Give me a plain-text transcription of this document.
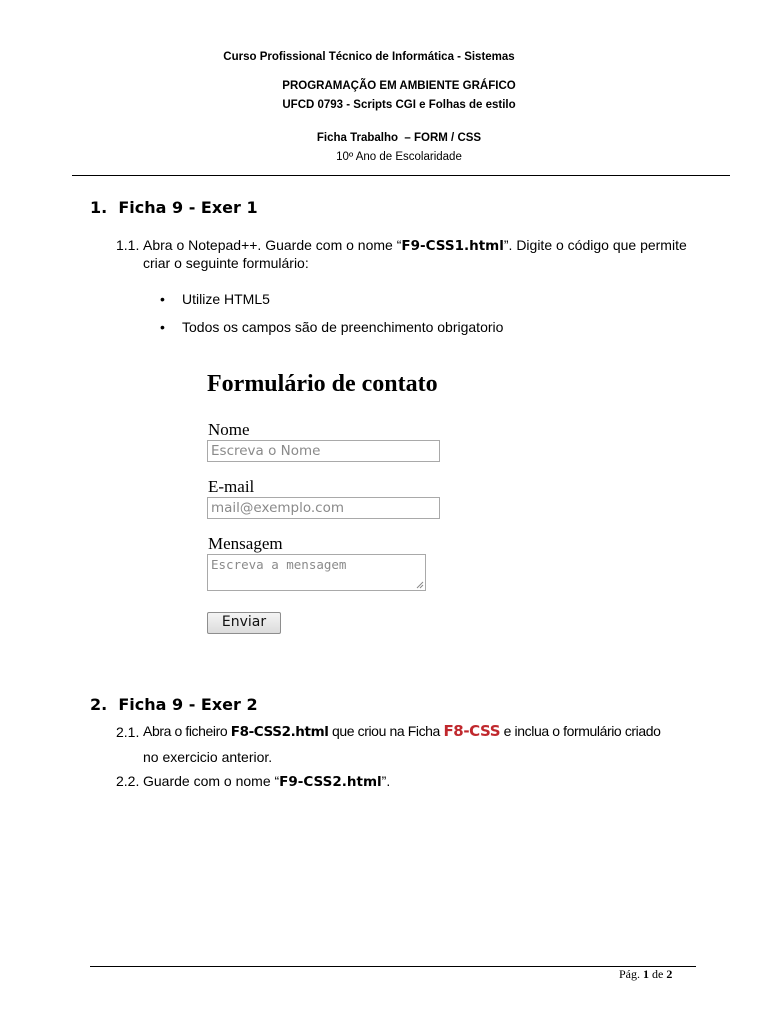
Curso Profissional Técnico de Informática - Sistemas
PROGRAMAÇÃO EM AMBIENTE GRÁFICO
UFCD 0793 - Scripts CGI e Folhas de estilo
Ficha Trabalho  – FORM / CSS
10º Ano de Escolaridade
1.  Ficha 9 - Exer 1
1.1. Abra o Notepad++. Guarde com o nome “F9-CSS1.html”. Digite o código que permite
criar o seguinte formulário:
• Utilize HTML5
• Todos os campos são de preenchimento obrigatorio
Formulário de contato
Nome
Escreva o Nome
E-mail
mail@exemplo.com
Mensagem
Escreva a mensagem
Enviar
2.  Ficha 9 - Exer 2
2.1. Abra o ficheiro F8-CSS2.html que criou na Ficha F8-CSS e inclua o formulário criado
no exercicio anterior.
2.2. Guarde com o nome “F9-CSS2.html”.
Pág. 1 de 2
